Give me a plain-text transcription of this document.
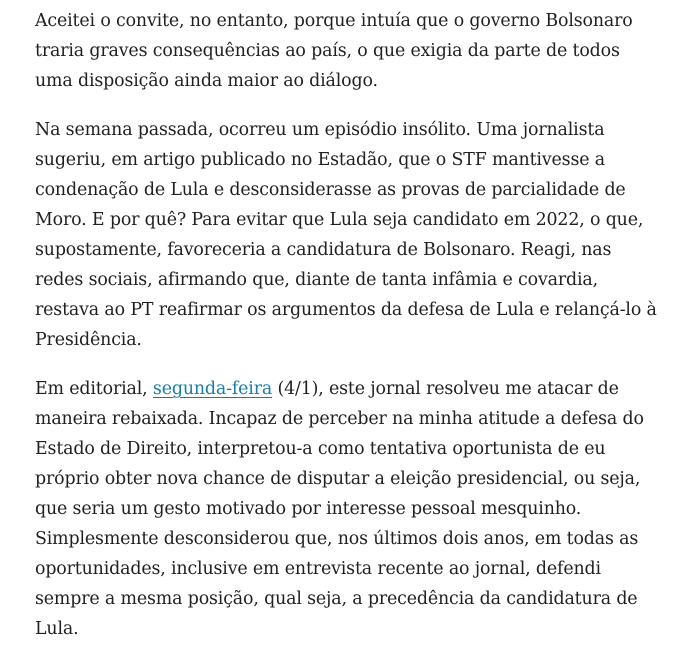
Aceitei o convite, no entanto, porque intuía que o governo Bolsonaro traria graves consequências ao país, o que exigia da parte de todos uma disposição ainda maior ao diálogo.

Na semana passada, ocorreu um episódio insólito. Uma jornalista sugeriu, em artigo publicado no Estadão, que o STF mantivesse a condenação de Lula e desconsiderasse as provas de parcialidade de Moro. E por quê? Para evitar que Lula seja candidato em 2022, o que, supostamente, favoreceria a candidatura de Bolsonaro. Reagi, nas redes sociais, afirmando que, diante de tanta infâmia e covardia, restava ao PT reafirmar os argumentos da defesa de Lula e relançá-lo à Presidência.

Em editorial, segunda-feira (4/1), este jornal resolveu me atacar de maneira rebaixada. Incapaz de perceber na minha atitude a defesa do Estado de Direito, interpretou-a como tentativa oportunista de eu próprio obter nova chance de disputar a eleição presidencial, ou seja, que seria um gesto motivado por interesse pessoal mesquinho. Simplesmente desconsiderou que, nos últimos dois anos, em todas as oportunidades, inclusive em entrevista recente ao jornal, defendi sempre a mesma posição, qual seja, a precedência da candidatura de Lula.
